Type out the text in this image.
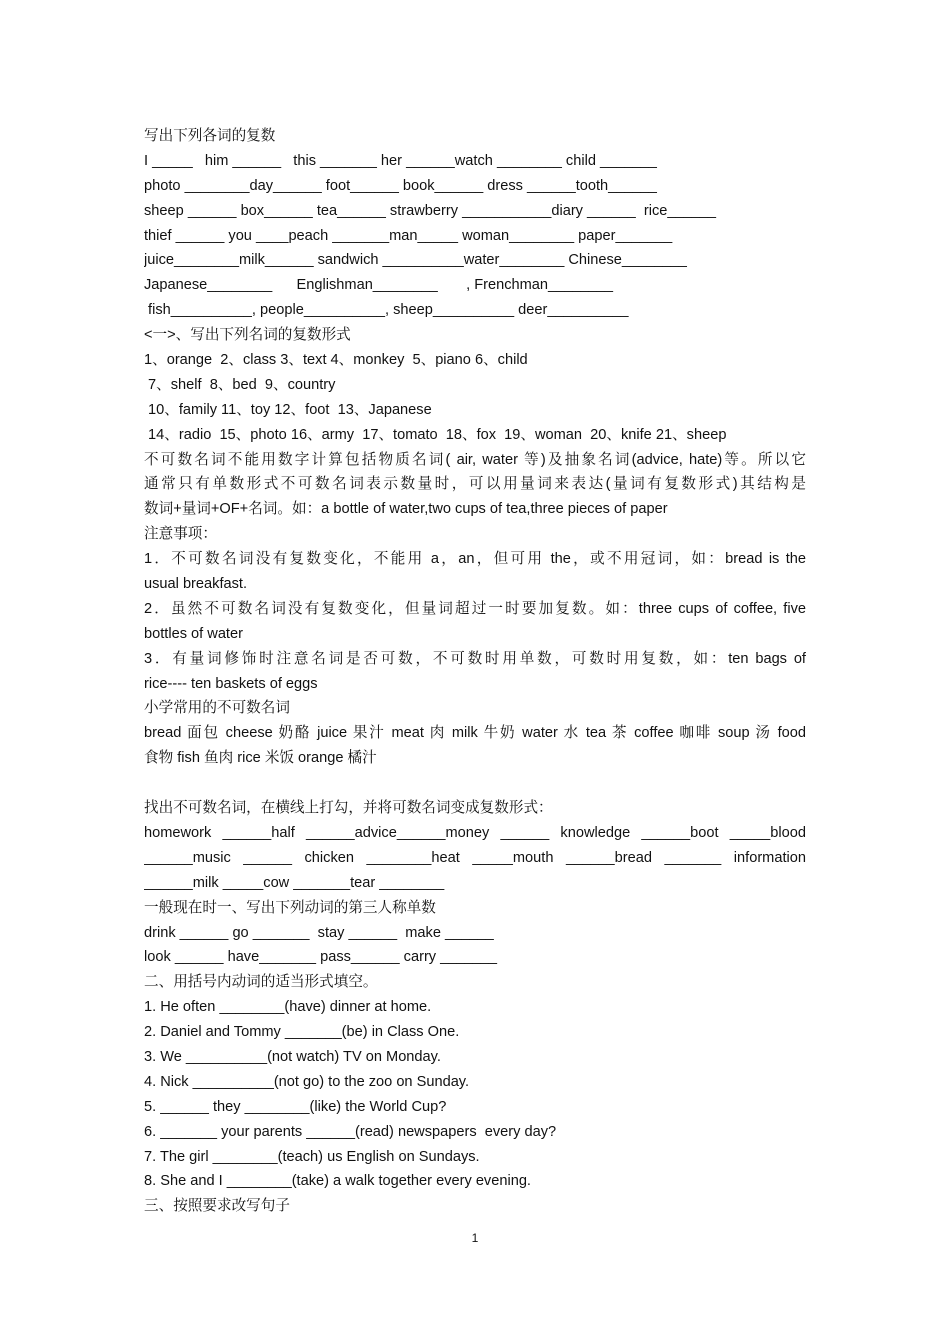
写出下列各词的复数
I _____   him ______   this _______ her ______watch ________ child _______
photo ________day______ foot______ book______ dress ______tooth______
sheep ______ box______ tea______ strawberry ___________diary ______  rice______
thief ______ you ____peach _______man_____ woman________ paper_______
juice________milk______ sandwich __________water________ Chinese________
Japanese________      Englishman________       , Frenchman________
fish__________, people__________, sheep__________ deer__________
<一>、写出下列名词的复数形式
1、orange  2、class 3、text 4、monkey  5、piano 6、child
7、shelf  8、bed  9、country
10、family 11、toy 12、foot  13、Japanese
14、radio  15、photo 16、army  17、tomato  18、fox  19、woman  20、knife 21、sheep
不可数名词不能用数字计算包括物质名词( air, water 等)及抽象名词(advice, hate)等。所以它
通常只有单数形式不可数名词表示数量时，可以用量词来表达(量词有复数形式)其结构是
数词+量词+OF+名词。如：a bottle of water,two cups of tea,three pieces of paper
注意事项：
1．不可数名词没有复数变化，不能用 a，an，但可用 the，或不用冠词，如：bread is the
usual breakfast.
2．虽然不可数名词没有复数变化，但量词超过一时要加复数。如：three cups of coffee, five
bottles of water
3．有量词修饰时注意名词是否可数，不可数时用单数，可数时用复数，如：ten bags of
rice---- ten baskets of eggs
小学常用的不可数名词
bread 面包 cheese 奶酪 juice 果汁 meat 肉 milk 牛奶 water 水 tea 茶 coffee 咖啡 soup 汤 food
食物 fish 鱼肉 rice 米饭 orange 橘汁
找出不可数名词，在横线上打勾，并将可数名词变成复数形式：
homework ______half ______advice______money ______ knowledge ______boot _____blood
______music ______ chicken ________heat _____mouth ______bread _______ information
______milk _____cow _______tear ________
一般现在时一、写出下列动词的第三人称单数
drink ______ go _______  stay ______  make ______
look ______ have_______ pass______ carry _______
二、用括号内动词的适当形式填空。
1. He often ________(have) dinner at home.
2. Daniel and Tommy _______(be) in Class One.
3. We __________(not watch) TV on Monday.
4. Nick __________(not go) to the zoo on Sunday.
5. ______ they ________(like) the World Cup?
6. _______ your parents ______(read) newspapers  every day?
7. The girl ________(teach) us English on Sundays.
8. She and I ________(take) a walk together every evening.
三、按照要求改写句子
1
